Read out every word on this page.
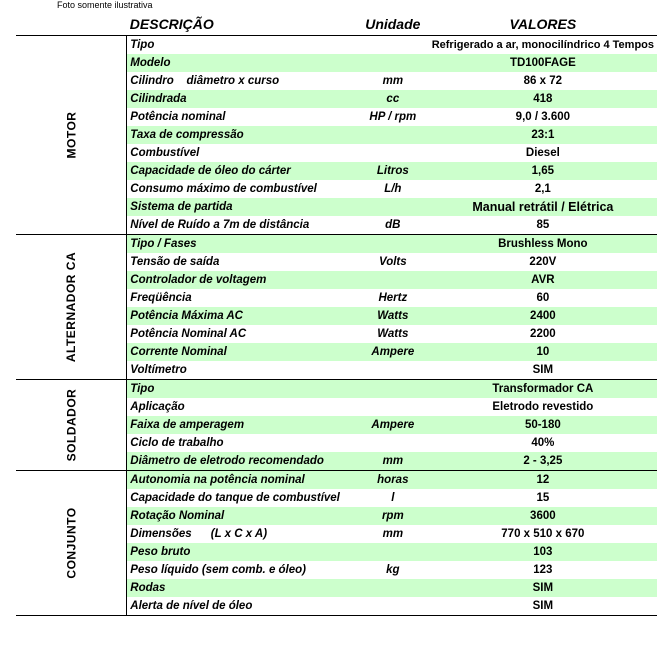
Foto somente ilustrativa
	DESCRIÇÃO	Unidade	VALORES
MOTOR	Tipo		Refrigerado a ar, monocilíndrico 4 Tempos
	Modelo		TD100FAGE
	Cilindro    diâmetro x curso	mm	86 x 72
	Cilindrada	cc	418
	Potência nominal	HP / rpm	9,0 / 3.600
	Taxa de compressão		23:1
	Combustível		Diesel
	Capacidade de óleo do cárter	Litros	1,65
	Consumo máximo de combustível	L/h	2,1
	Sistema de partida		Manual retrátil / Elétrica
	Nível de Ruído a 7m de distância	dB	85
ALTERNADOR CA	Tipo / Fases		Brushless Mono
	Tensão de saída	Volts	220V
	Controlador de voltagem		AVR
	Freqüência	Hertz	60
	Potência Máxima AC	Watts	2400
	Potência Nominal AC	Watts	2200
	Corrente Nominal	Ampere	10
	Voltímetro		SIM
SOLDADOR	Tipo		Transformador CA
	Aplicação		Eletrodo revestido
	Faixa de amperagem	Ampere	50-180
	Ciclo de trabalho		40%
	Diâmetro de eletrodo recomendado	mm	2 - 3,25
CONJUNTO	Autonomia na potência nominal	horas	12
	Capacidade do tanque de combustível	l	15
	Rotação Nominal	rpm	3600
	Dimensões      (L x C x A)	mm	770 x 510 x 670
	Peso bruto		103
	Peso líquido (sem comb. e óleo)	kg	123
	Rodas		SIM
	Alerta de nível de óleo		SIM
